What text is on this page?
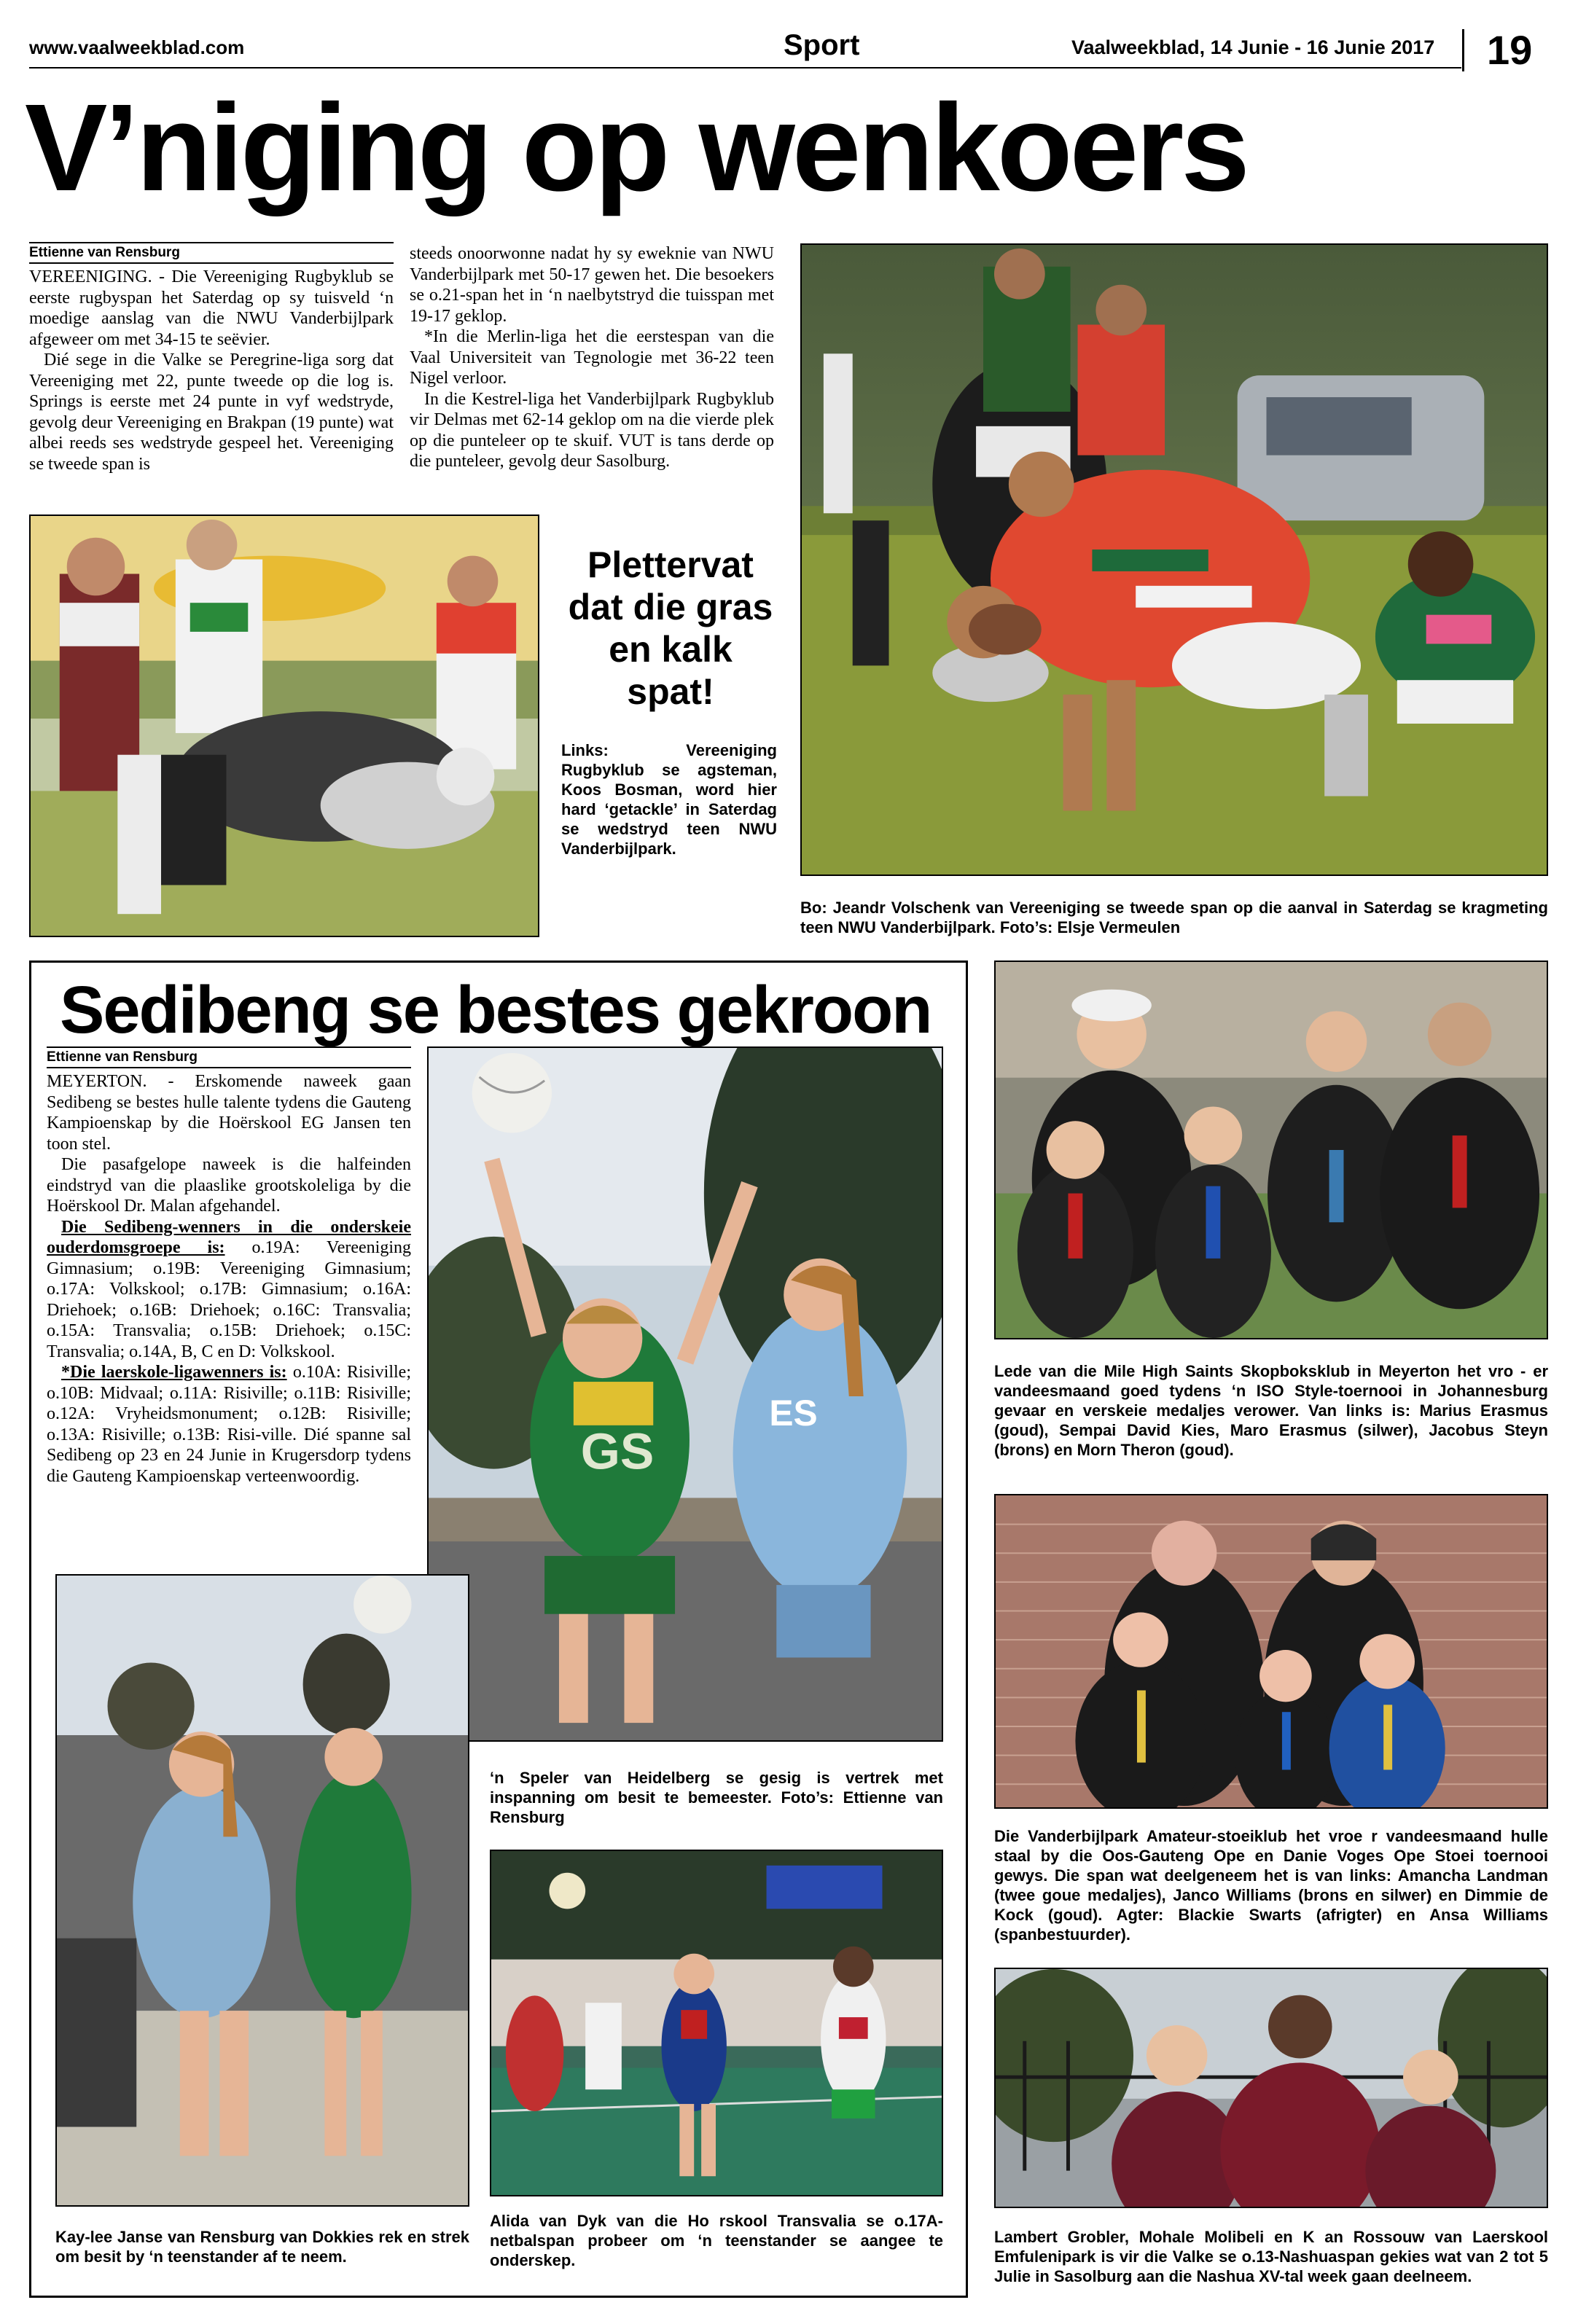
www.vaalweekblad.com	Sport	Vaalweekblad, 14 Junie - 16 Junie 2017 19
V’niging op wenkoers
Ettienne van Rensburg

VEREENIGING. - Die Vereeniging Rugbyklub se eerste rugbyspan het Saterdag op sy tuisveld ‘n moedige aanslag van die NWU Vanderbijlpark afgeweer om met 34-15 te seëvier.

Dié sege in die Valke se Peregrine-liga sorg dat Vereeniging met 22, punte tweede op die log is. Springs is eerste met 24 punte in vyf wedstryde, gevolg deur Vereeniging en Brakpan (19 punte) wat albei reeds ses wedstryde gespeel het. Vereeniging se tweede span is

steeds onoorwonne nadat hy sy eweknie van NWU Vanderbijlpark met 50-17 gewen het. Die besoekers se o.21-span het in ‘n naelbytstryd die tuisspan met 19-17 geklop.

*In die Merlin-liga het die eerstespan van die Vaal Universiteit van Tegnologie met 36-22 teen Nigel verloor.

In die Kestrel-liga het Vanderbijlpark Rugbyklub vir Delmas met 62-14 geklop om na die vierde plek op die punteleer op te skuif. VUT is tans derde op die punteleer, gevolg deur Sasolburg.

Plettervat dat die gras en kalk spat!

Links: Vereeniging Rugbyklub se agsteman, Koos Bosman, word hier hard ‘getackle’ in Saterdag se wedstryd teen NWU Vanderbijlpark.

Bo: Jeandr Volschenk van Vereeniging se tweede span op die aanval in Saterdag se kragmeting teen NWU Vanderbijlpark. Foto’s: Elsje Vermeulen

Sedibeng se bestes gekroon
Ettienne van Rensburg

MEYERTON. - Erskomende naweek gaan Sedibeng se bestes hulle talente tydens die Gauteng Kampioenskap by die Hoërskool EG Jansen ten toon stel.

Die pasafgelope naweek is die halfeinden eindstryd van die plaaslike grootskoleliga by die Hoërskool Dr. Malan afgehandel.

Die Sedibeng-wenners in die onderskeie ouderdomsgroepe is: o.19A: Vereeniging Gimnasium; o.19B: Vereeniging Gimnasium; o.17A: Volkskool; o.17B: Gimnasium; o.16A: Driehoek; o.16B: Driehoek; o.16C: Transvalia; o.15A: Transvalia; o.15B: Driehoek; o.15C: Transvalia; o.14A, B, C en D: Volkskool.

*Die laerskole-ligawenners is: o.10A: Risiville; o.10B: Midvaal; o.11A: Risiville; o.11B: Risiville; o.12A: Vryheidsmonument; o.12B: Risiville; o.13A: Risiville; o.13B: Risi-ville. Dié spanne sal Sedibeng op 23 en 24 Junie in Krugersdorp tydens die Gauteng Kampioenskap verteenwoordig.	GS
ES

‘n Speler van Heidelberg se gesig is vertrek met inspanning om besit te bemeester. Foto’s: Ettienne van Rensburg

Kay-lee Janse van Rensburg van Dokkies rek en strek om besit by ‘n teenstander af te neem.

Alida van Dyk van die Ho rskool Transvalia se o.17A-netbalspan probeer om ‘n teenstander se aangee te onderskep.

Lede van die Mile High Saints Skopboksklub in Meyerton het vro - er vandeesmaand goed tydens ‘n ISO Style-toernooi in Johannesburg gevaar en verskeie medaljes verower. Van links is: Marius Erasmus (goud), Sempai David Kies, Maro Erasmus (silwer), Jacobus Steyn (brons) en Morn Theron (goud).

Die Vanderbijlpark Amateur-stoeiklub het vroe r vandeesmaand hulle staal by die Oos-Gauteng Ope en Danie Voges Ope Stoei toernooi gewys. Die span wat deelgeneem het is van links: Amancha Landman (twee goue medaljes), Janco Williams (brons en silwer) en Dimmie de Kock (goud). Agter: Blackie Swarts (afrigter) en Ansa Williams (spanbestuurder).

Lambert Grobler, Mohale Molibeli en K an Rossouw van Laerskool Emfulenipark is vir die Valke se o.13-Nashuaspan gekies wat van 2 tot 5 Julie in Sasolburg aan die Nashua XV-tal week gaan deelneem.
